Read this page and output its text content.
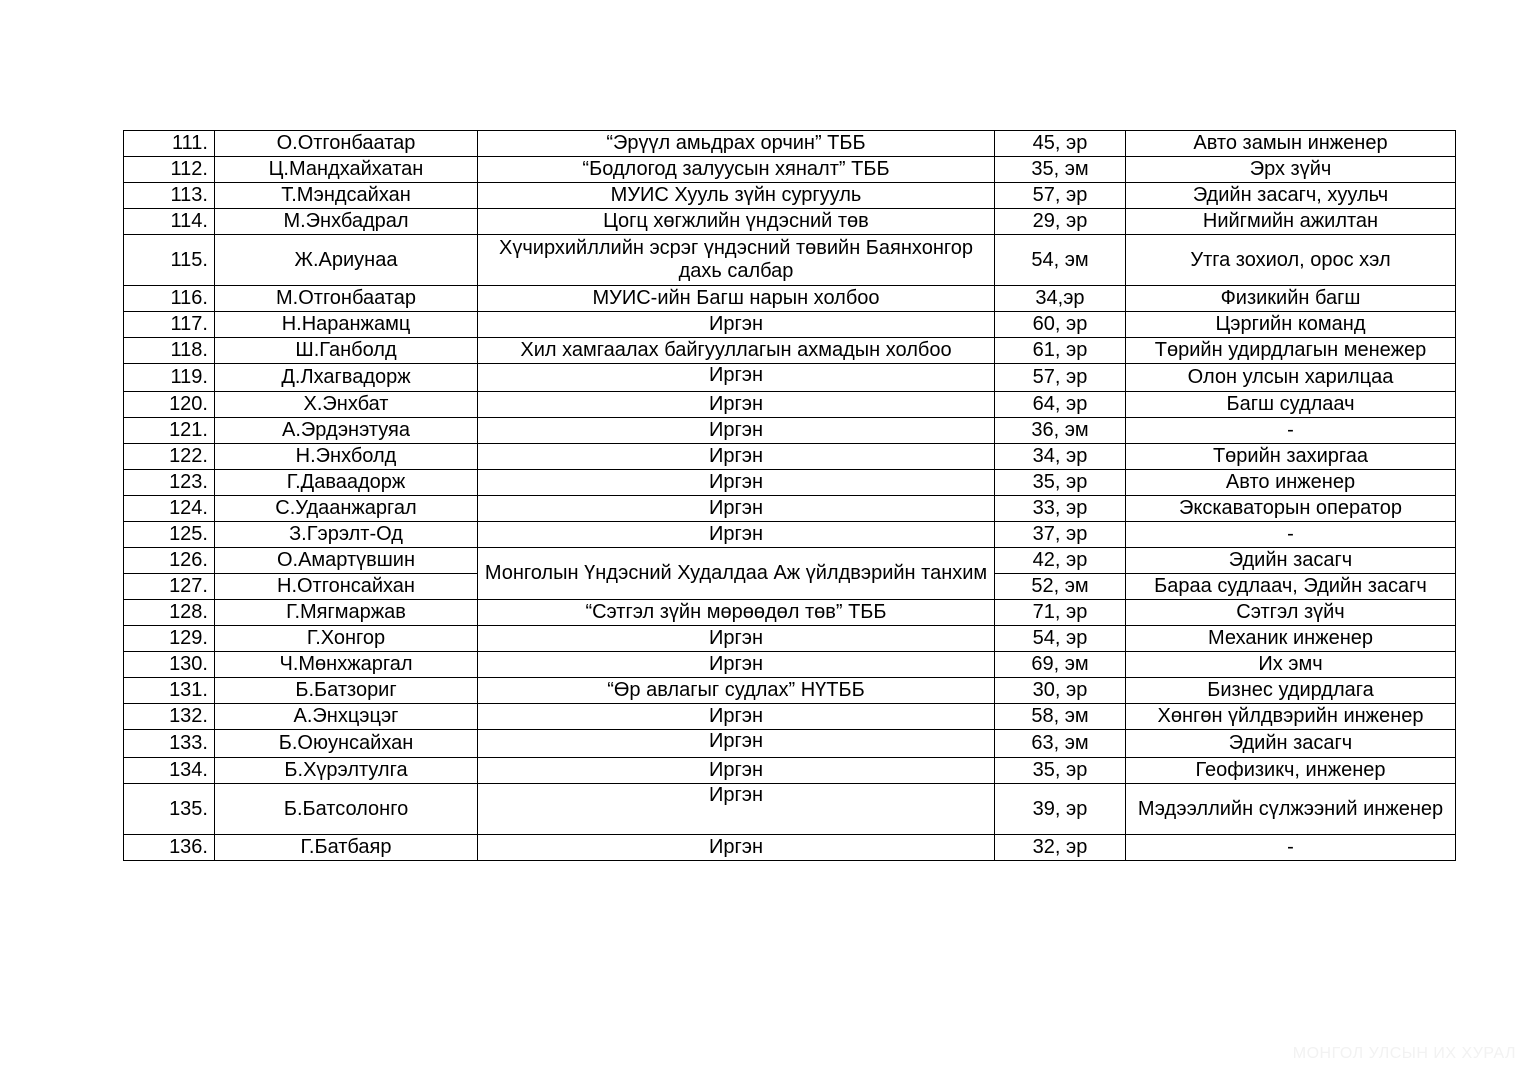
111.	О.Отгонбаатар	“Эрүүл амьдрах орчин” ТББ	45, эр	Авто замын инженер
112.	Ц.Мандхайхатан	“Бодлогод залуусын хяналт” ТББ	35, эм	Эрх зүйч
113.	Т.Мэндсайхан	МУИС Хууль зүйн сургууль	57, эр	Эдийн засагч, хуульч
114.	М.Энхбадрал	Цогц хөгжлийн үндэсний төв	29, эр	Нийгмийн ажилтан
115.	Ж.Ариунаа	Хүчирхийллийн эсрэг үндэсний төвийн Баянхонгор дахь салбар	54, эм	Утга зохиол, орос хэл
116.	М.Отгонбаатар	МУИС-ийн Багш нарын холбоо	34,эр	Физикийн багш
117.	Н.Наранжамц	Иргэн	60, эр	Цэргийн команд
118.	Ш.Ганболд	Хил хамгаалах байгууллагын ахмадын холбоо	61, эр	Төрийн удирдлагын менежер
119.	Д.Лхагвадорж	Иргэн	57, эр	Олон улсын харилцаа
120.	Х.Энхбат	Иргэн	64, эр	Багш судлаач
121.	А.Эрдэнэтуяа	Иргэн	36, эм	-
122.	Н.Энхболд	Иргэн	34, эр	Төрийн захиргаа
123.	Г.Даваадорж	Иргэн	35, эр	Авто инженер
124.	С.Удаанжаргал	Иргэн	33, эр	Экскаваторын оператор
125.	З.Гэрэлт-Од	Иргэн	37, эр	-
126.	О.Амартүвшин	Монголын Үндэсний Худалдаа Аж үйлдвэрийн танхим	42, эр	Эдийн засагч
127.	Н.Отгонсайхан		52, эм	Бараа судлаач, Эдийн засагч
128.	Г.Мягмаржав	“Сэтгэл зүйн мөрөөдөл төв” ТББ	71, эр	Сэтгэл зүйч
129.	Г.Хонгор	Иргэн	54, эр	Механик инженер
130.	Ч.Мөнхжаргал	Иргэн	69, эм	Их эмч
131.	Б.Батзориг	“Өр авлагыг судлах” НҮТББ	30, эр	Бизнес удирдлага
132.	А.Энхцэцэг	Иргэн	58, эм	Хөнгөн үйлдвэрийн инженер
133.	Б.Оюунсайхан	Иргэн	63, эм	Эдийн засагч
134.	Б.Хүрэлтулга	Иргэн	35, эр	Геофизикч, инженер
135.	Б.Батсолонго	Иргэн	39, эр	Мэдээллийн сүлжээний инженер
136.	Г.Батбаяр	Иргэн	32, эр	-
МОНГОЛ УЛСЫН ИХ ХУРАЛ
